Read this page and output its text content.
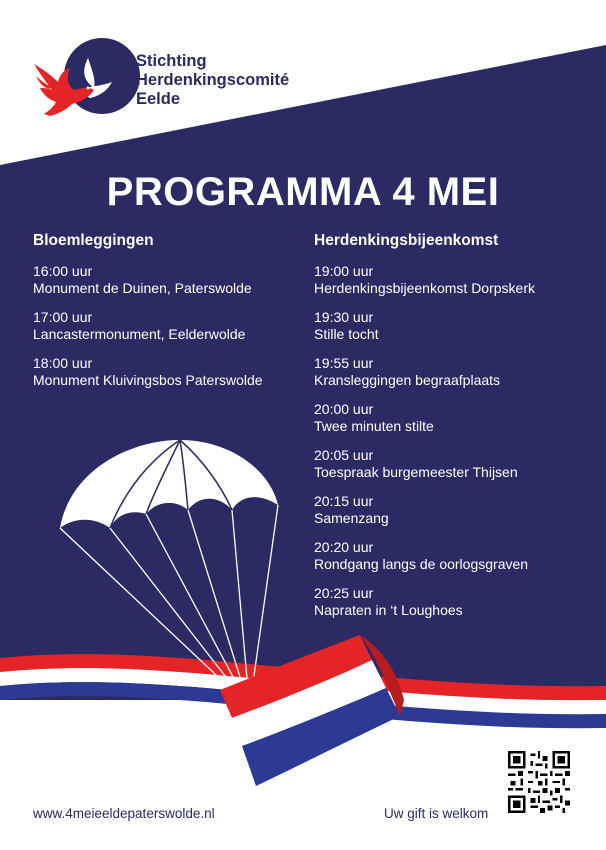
Stichting
Herdenkingscomité
Eelde
PROGRAMMA 4 MEI
Bloemleggingen
16:00 uur
Monument de Duinen, Paterswolde
17:00 uur
Lancastermonument, Eelderwolde
18:00 uur
Monument Kluivingsbos Paterswolde
Herdenkingsbijeenkomst
19:00 uur
Herdenkingsbijeenkomst Dorpskerk
19:30 uur
Stille tocht
19:55 uur
Kransleggingen begraafplaats
20:00 uur
Twee minuten stilte
20:05 uur
Toespraak burgemeester Thijsen
20:15 uur
Samenzang
20:20 uur
Rondgang langs de oorlogsgraven
20:25 uur
Napraten in ‘t Loughoes
www.4meieeldepaterswolde.nl	Uw gift is welkom
